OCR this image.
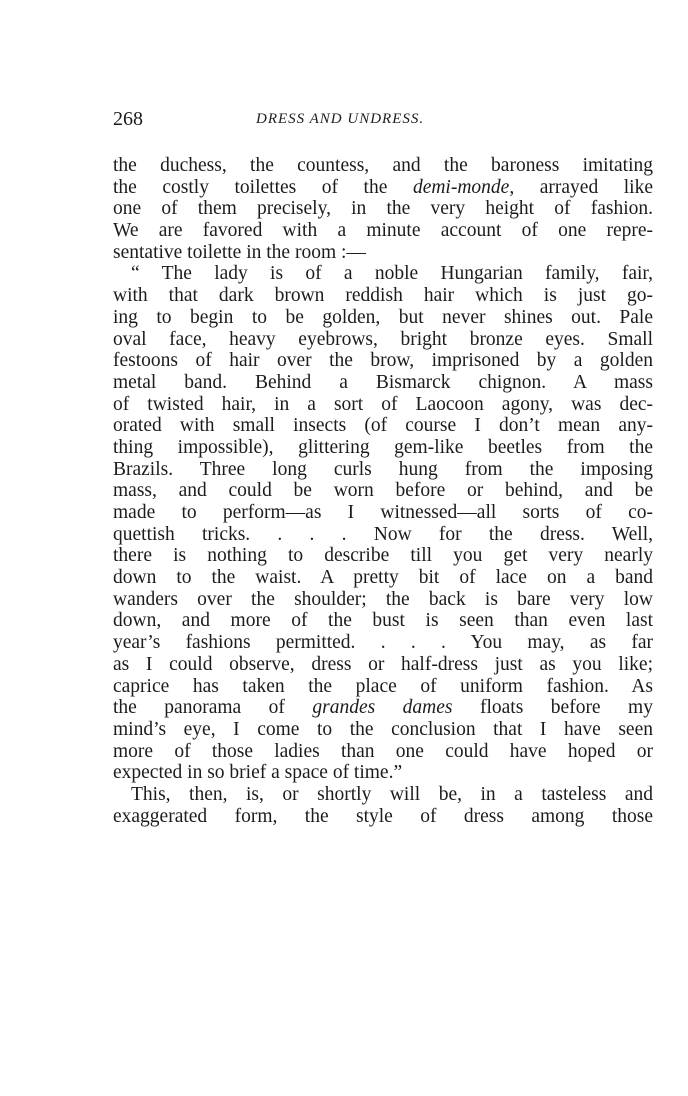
268	DRESS AND UNDRESS.
the duchess, the countess, and the baroness imitating
the costly toilettes of the demi-monde, arrayed like
one of them precisely, in the very height of fashion.
We are favored with a minute account of one repre-
sentative toilette in the room :—
“ The lady is of a noble Hungarian family, fair,
with that dark brown reddish hair which is just go-
ing to begin to be golden, but never shines out. Pale
oval face, heavy eyebrows, bright bronze eyes. Small
festoons of hair over the brow, imprisoned by a golden
metal band. Behind a Bismarck chignon. A mass
of twisted hair, in a sort of Laocoon agony, was dec-
orated with small insects (of course I don’t mean any-
thing impossible), glittering gem-like beetles from the
Brazils. Three long curls hung from the imposing
mass, and could be worn before or behind, and be
made to perform—as I witnessed—all sorts of co-
quettish tricks. . . . Now for the dress. Well,
there is nothing to describe till you get very nearly
down to the waist. A pretty bit of lace on a band
wanders over the shoulder; the back is bare very low
down, and more of the bust is seen than even last
year’s fashions permitted. . . . You may, as far
as I could observe, dress or half-dress just as you like;
caprice has taken the place of uniform fashion. As
the panorama of grandes dames floats before my
mind’s eye, I come to the conclusion that I have seen
more of those ladies than one could have hoped or
expected in so brief a space of time.”
This, then, is, or shortly will be, in a tasteless and
exaggerated form, the style of dress among those
